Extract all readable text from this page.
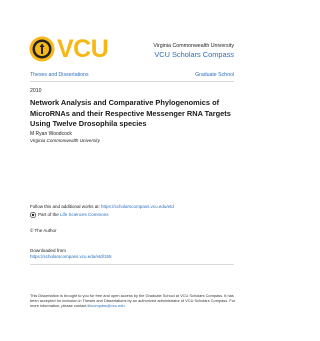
VCU	Virginia Commonwealth University
VCU Scholars Compass
Theses and Dissertations	Graduate School
2010
Network Analysis and Comparative Phylogenomics of MicroRNAs and their Respective Messenger RNA Targets Using Twelve Drosophila species
M Ryan Woodcock
Virginia Commonwealth University
Follow this and additional works at: https://scholarscompass.vcu.edu/etd
Part of the Life Sciences Commons
© The Author
Downloaded from
https://scholarscompass.vcu.edu/etd/155
This Dissertation is brought to you for free and open access by the Graduate School at VCU Scholars Compass. It has been accepted for inclusion in Theses and Dissertations by an authorized administrator of VCU Scholars Compass. For more information, please contact libcompass@vcu.edu.
